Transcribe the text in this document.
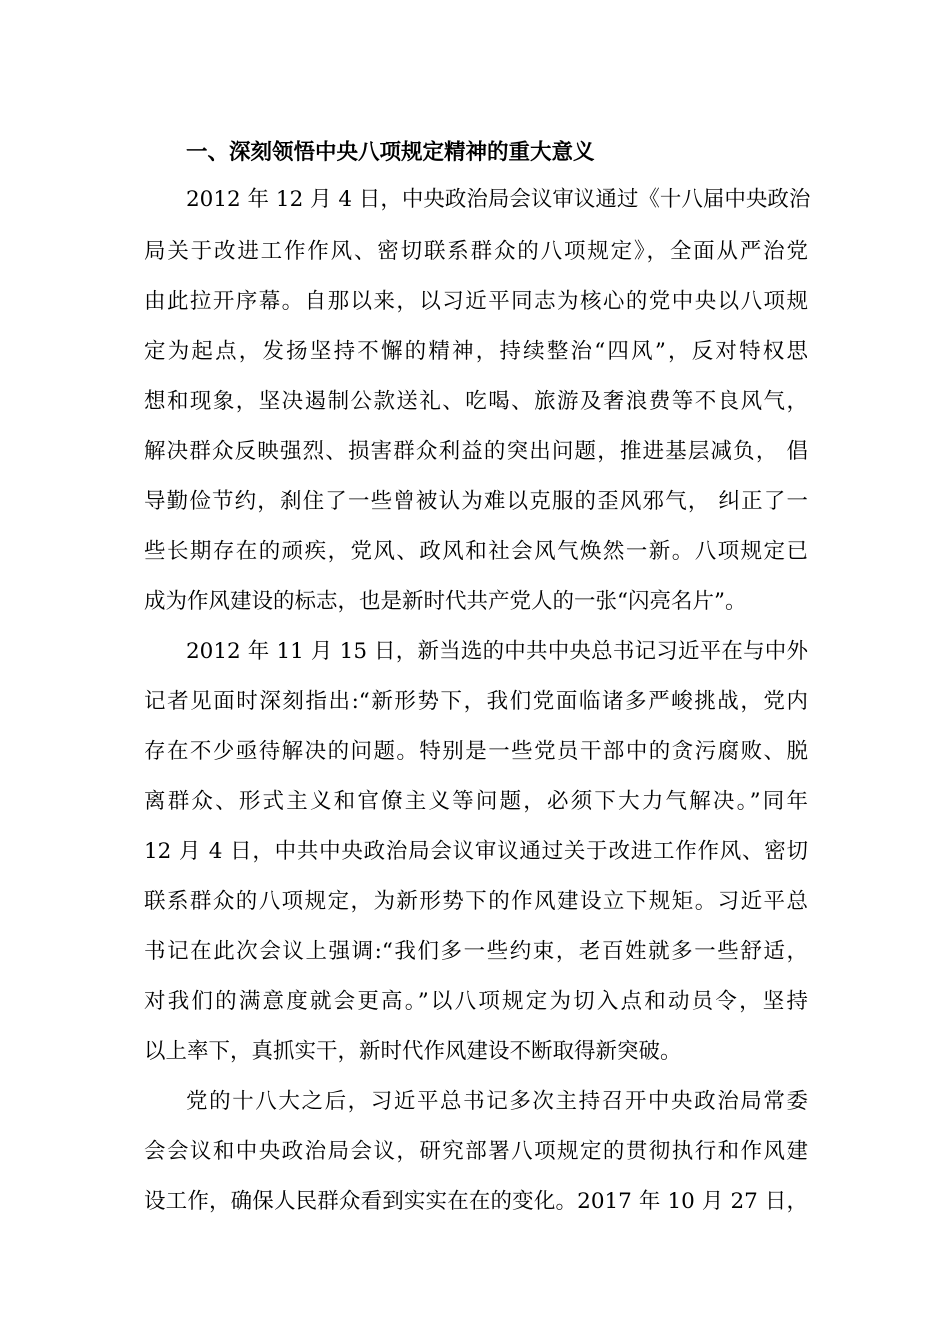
一、深刻领悟中央八项规定精神的重大意义
2012 年 12 月 4 日，中央政治局会议审议通过《十八届中央政治
局关于改进工作作风、密切联系群众的八项规定》，全面从严治党
由此拉开序幕。自那以来，以习近平同志为核心的党中央以八项规
定为起点，发扬坚持不懈的精神，持续整治“四风”，反对特权思
想和现象，坚决遏制公款送礼、吃喝、旅游及奢浪费等不良风气，
解决群众反映强烈、损害群众利益的突出问题，推进基层减负， 倡
导勤俭节约，刹住了一些曾被认为难以克服的歪风邪气， 纠正了一
些长期存在的顽疾，党风、政风和社会风气焕然一新。八项规定已
成为作风建设的标志，也是新时代共产党人的一张“闪亮名片”。
2012 年 11 月 15 日，新当选的中共中央总书记习近平在与中外
记者见面时深刻指出:“新形势下，我们党面临诸多严峻挑战，党内
存在不少亟待解决的问题。特别是一些党员干部中的贪污腐败、脱
离群众、形式主义和官僚主义等问题，必须下大力气解决。”同年
12 月 4 日，中共中央政治局会议审议通过关于改进工作作风、密切
联系群众的八项规定，为新形势下的作风建设立下规矩。习近平总
书记在此次会议上强调:“我们多一些约束，老百姓就多一些舒适，
对我们的满意度就会更高。”以八项规定为切入点和动员令，坚持
以上率下，真抓实干，新时代作风建设不断取得新突破。
党的十八大之后，习近平总书记多次主持召开中央政治局常委
会会议和中央政治局会议，研究部署八项规定的贯彻执行和作风建
设工作，确保人民群众看到实实在在的变化。2017 年 10 月 27 日，
